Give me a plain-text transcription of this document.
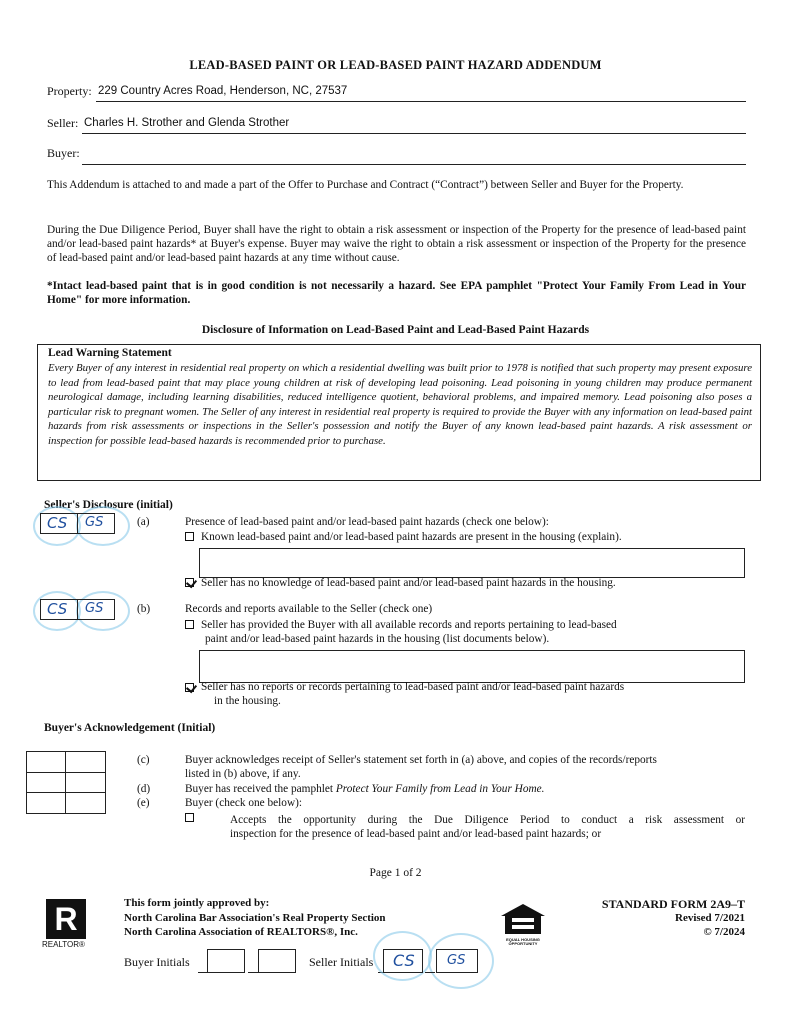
LEAD-BASED PAINT OR LEAD-BASED PAINT HAZARD ADDENDUM
Property: 229 Country Acres Road, Henderson, NC, 27537
Seller: Charles H. Strother and Glenda Strother
Buyer:
This Addendum is attached to and made a part of the Offer to Purchase and Contract (“Contract”) between Seller and Buyer for the Property.
During the Due Diligence Period, Buyer shall have the right to obtain a risk assessment or inspection of the Property for the presence of lead-based paint and/or lead-based paint hazards* at Buyer's expense. Buyer may waive the right to obtain a risk assessment or inspection of the Property for the presence of lead-based paint and/or lead-based paint hazards at any time without cause.
*Intact lead-based paint that is in good condition is not necessarily a hazard. See EPA pamphlet "Protect Your Family From Lead in Your Home" for more information.
Disclosure of Information on Lead-Based Paint and Lead-Based Paint Hazards
Lead Warning Statement
Every Buyer of any interest in residential real property on which a residential dwelling was built prior to 1978 is notified that such property may present exposure to lead from lead-based paint that may place young children at risk of developing lead poisoning. Lead poisoning in young children may produce permanent neurological damage, including learning disabilities, reduced intelligence quotient, behavioral problems, and impaired memory. Lead poisoning also poses a particular risk to pregnant women. The Seller of any interest in residential real property is required to provide the Buyer with any information on lead-based paint hazards from risk assessments or inspections in the Seller's possession and notify the Buyer of any known lead-based paint hazards. A risk assessment or inspection for possible lead-based hazards is recommended prior to purchase.
Seller's Disclosure (initial)
CS GS	(a)	Presence of lead-based paint and/or lead-based paint hazards (check one below):
Known lead-based paint and/or lead-based paint hazards are present in the housing (explain).
Seller has no knowledge of lead-based paint and/or lead-based paint hazards in the housing.
CS GS	(b)	Records and reports available to the Seller (check one)
Seller has provided the Buyer with all available records and reports pertaining to lead-based
paint and/or lead-based paint hazards in the housing (list documents below).
Seller has no reports or records pertaining to lead-based paint and/or lead-based paint hazards
in the housing.
Buyer's Acknowledgement (Initial)
(c)	Buyer acknowledges receipt of Seller's statement set forth in (a) above, and copies of the records/reports
listed in (b) above, if any.
(d)	Buyer has received the pamphlet Protect Your Family from Lead in Your Home.
(e)	Buyer (check one below):
Accepts the opportunity during the Due Diligence Period to conduct a risk assessment or
inspection for the presence of lead-based paint and/or lead-based paint hazards; or
Page 1 of 2
R
REALTOR®
This form jointly approved by:
North Carolina Bar Association's Real Property Section
North Carolina Association of REALTORS®, Inc.
EQUAL HOUSING OPPORTUNITY
STANDARD FORM 2A9–T
Revised 7/2021
© 7/2024
Buyer Initials	Seller Initials CS GS
